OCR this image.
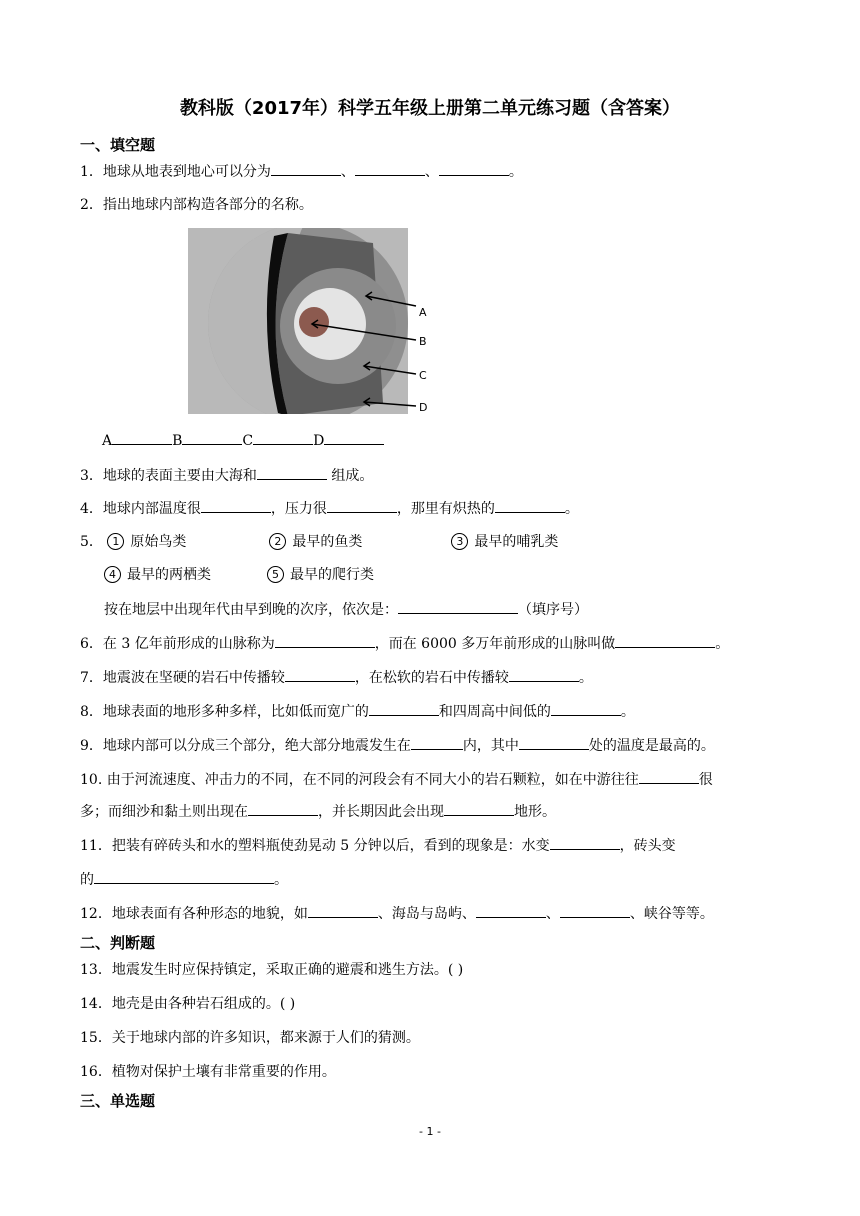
教科版（2017年）科学五年级上册第二单元练习题（含答案）
一、填空题
1．地球从地表到地心可以分为	、	、	。
2．指出地球内部构造各部分的名称。
A
B
C
D
A	B	C	D
3．地球的表面主要由大海和	组成。
4．地球内部温度很	，压力很	，那里有炽热的	。
5． 1 原始鸟类	2 最早的鱼类	3 最早的哺乳类
4 最早的两栖类	5 最早的爬行类
按在地层中出现年代由早到晚的次序，依次是：	（填序号）
6．在 3 亿年前形成的山脉称为	，而在 6000 多万年前形成的山脉叫做	。
7．地震波在坚硬的岩石中传播较	，在松软的岩石中传播较	。
8．地球表面的地形多种多样，比如低而宽广的	和四周高中间低的	。
9．地球内部可以分成三个部分，绝大部分地震发生在	内，其中	处的温度是最高的。
10. 由于河流速度、冲击力的不同，在不同的河段会有不同大小的岩石颗粒，如在中游往往	很
多；而细沙和黏土则出现在	，并长期因此会出现	地形。
11．把装有碎砖头和水的塑料瓶使劲晃动 5 分钟以后，看到的现象是：水变	，砖头变
的	。
12．地球表面有各种形态的地貌，如	、海岛与岛屿、	、	、峡谷等等。
二、判断题
13．地震发生时应保持镇定，采取正确的避震和逃生方法。( )
14．地壳是由各种岩石组成的。( )
15．关于地球内部的许多知识，都来源于人们的猜测。
16．植物对保护土壤有非常重要的作用。
三、单选题
- 1 -
